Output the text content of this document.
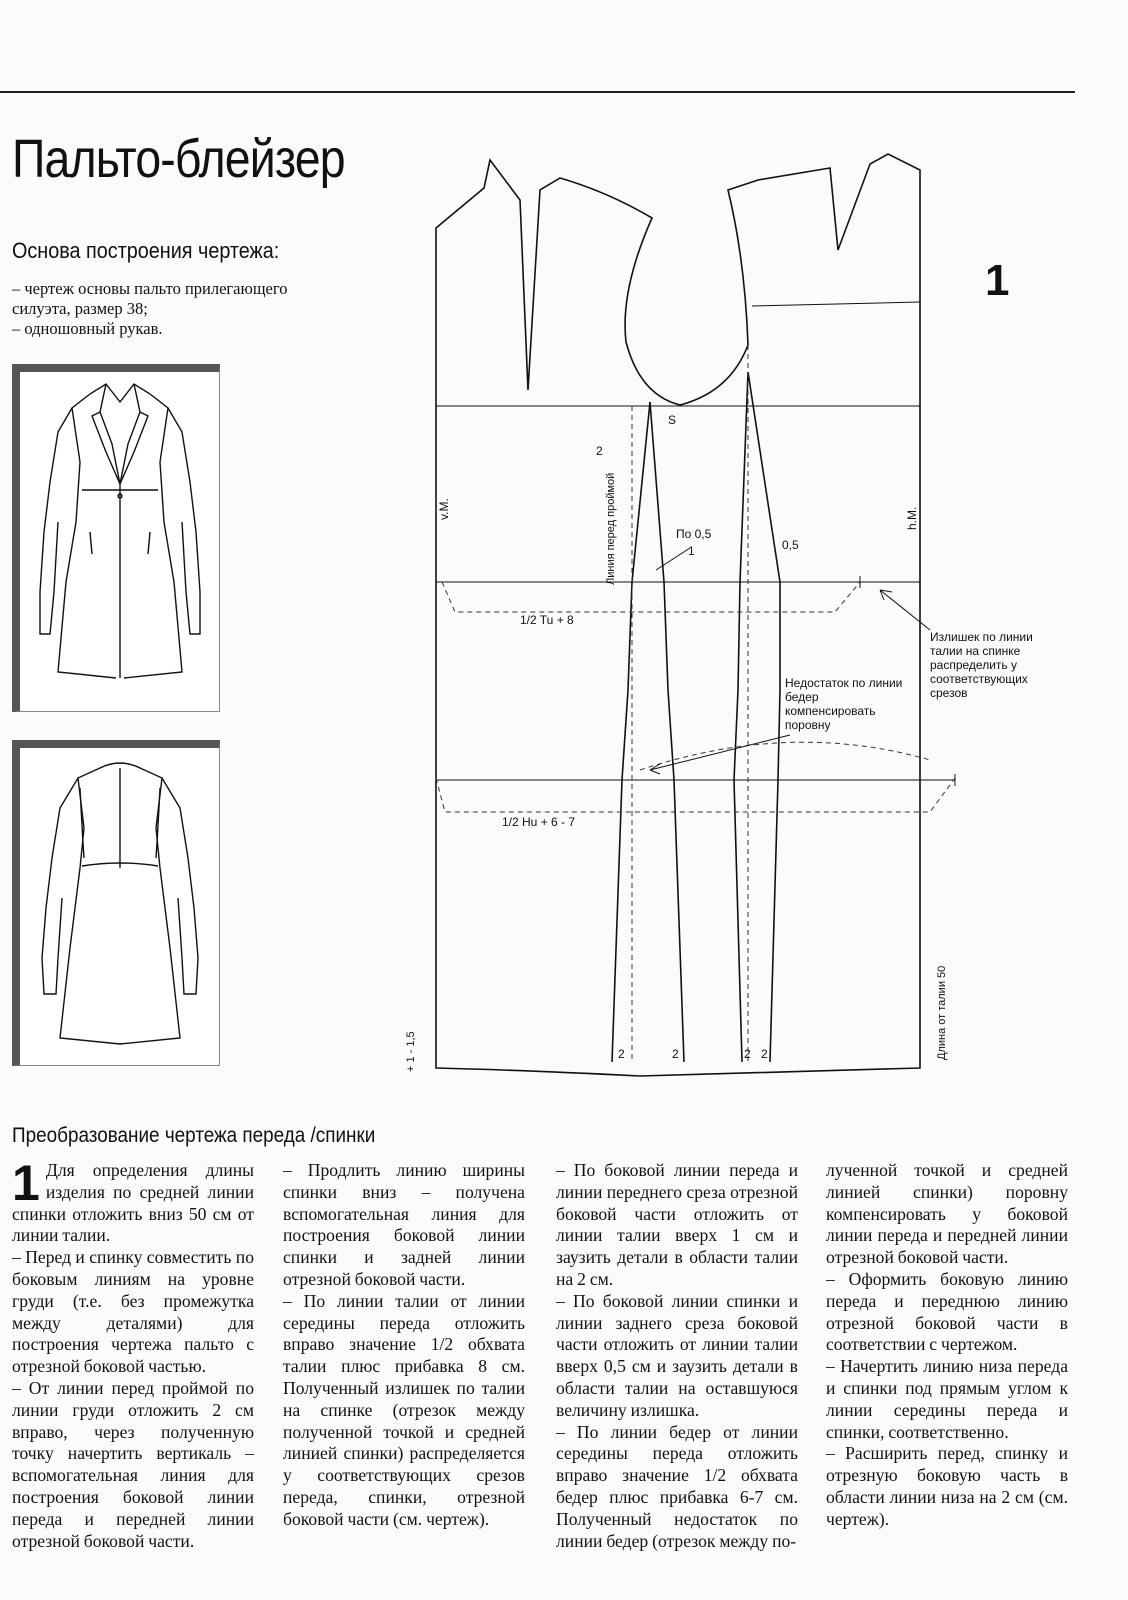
Пальто-блейзер
Основа построения чертежа:
– чертеж основы пальто прилегающего
силуэта, размер 38;
– одношовный рукав.
v.M.	h.M.
S
2
Линия перед проймой	По 0,5
1	0,5
1/2 Tu + 8
1/2 Hu + 6 - 7
Излишек по линии талии на спинке распределить у соответствующих срезов
Недостаток по линии бедер компенсировать поровну
Длина от талии 50
+ 1 - 1,5	2	2	2 2
1
Преобразование чертежа переда /спинки

1 Для определения длины изделия по средней линии спинки отложить вниз 50 см от линии талии.

– Перед и спинку совместить по боковым линиям на уровне груди (т.е. без промежутка между деталями) для построения чертежа пальто с отрезной боковой частью.

– От линии перед проймой по линии груди отложить 2 см вправо, через полученную точку начертить вертикаль – вспомогательная линия для построения боковой линии переда и передней линии отрезной боковой части.

– Продлить линию ширины спинки вниз – получена вспомогательная линия для построения боковой линии спинки и задней линии отрезной боковой части.

– По линии талии от линии середины переда отложить вправо значение 1/2 обхвата талии плюс прибавка 8 см. Полученный излишек по талии на спинке (отрезок между полученной точкой и средней линией спинки) распределяется у соответствующих срезов переда, спинки, отрезной боковой части (см. чертеж).

– По боковой линии переда и линии переднего среза отрезной боковой части отложить от линии талии вверх 1 см и заузить детали в области талии на 2 см.

– По боковой линии спинки и линии заднего среза боковой части отложить от линии талии вверх 0,5 см и заузить детали в области талии на оставшуюся величину излишка.

– По линии бедер от линии середины переда отложить вправо значение 1/2 обхвата бедер плюс прибавка 6-7 см. Полученный недостаток по линии бедер (отрезок между по-

лученной точкой и средней линией спинки) поровну компенсировать у боковой линии переда и передней линии отрезной боковой части.

– Оформить боковую линию переда и переднюю линию отрезной боковой части в соответствии с чертежом.

– Начертить линию низа переда и спинки под прямым углом к линии середины переда и спинки, соответственно.

– Расширить перед, спинку и отрезную боковую часть в области линии низа на 2 см (см. чертеж).
